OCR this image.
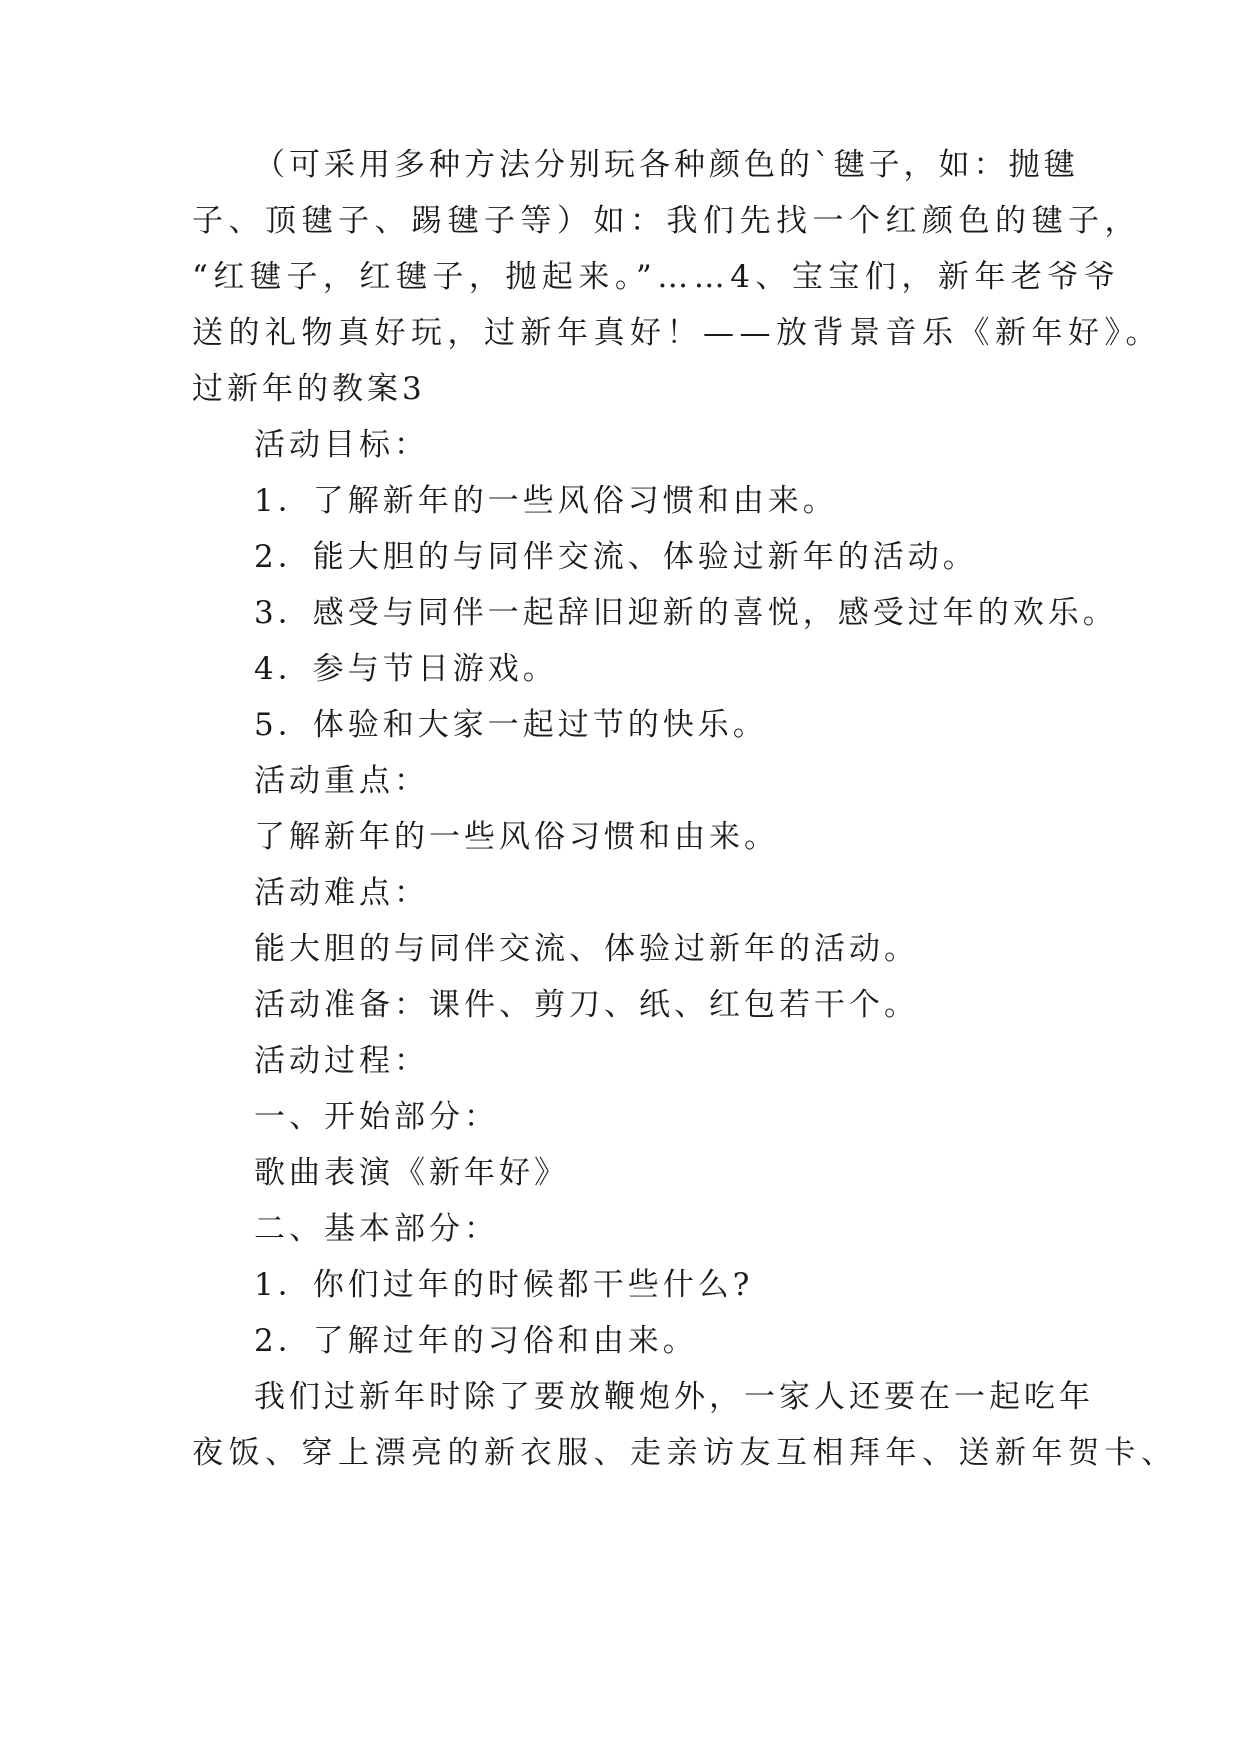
（可采用多种方法分别玩各种颜色的`毽子，如：抛毽
子、顶毽子、踢毽子等）如：我们先找一个红颜色的毽子，
“红毽子，红毽子，抛起来。”……4、宝宝们，新年老爷爷
送的礼物真好玩，过新年真好！——放背景音乐《新年好》。
过新年的教案3
活动目标：
1．了解新年的一些风俗习惯和由来。
2．能大胆的与同伴交流、体验过新年的活动。
3．感受与同伴一起辞旧迎新的喜悦，感受过年的欢乐。
4．参与节日游戏。
5．体验和大家一起过节的快乐。
活动重点：
了解新年的一些风俗习惯和由来。
活动难点：
能大胆的与同伴交流、体验过新年的活动。
活动准备：课件、剪刀、纸、红包若干个。
活动过程：
一、开始部分：
歌曲表演《新年好》
二、基本部分：
1．你们过年的时候都干些什么?
2．了解过年的习俗和由来。
我们过新年时除了要放鞭炮外，一家人还要在一起吃年
夜饭、穿上漂亮的新衣服、走亲访友互相拜年、送新年贺卡、
